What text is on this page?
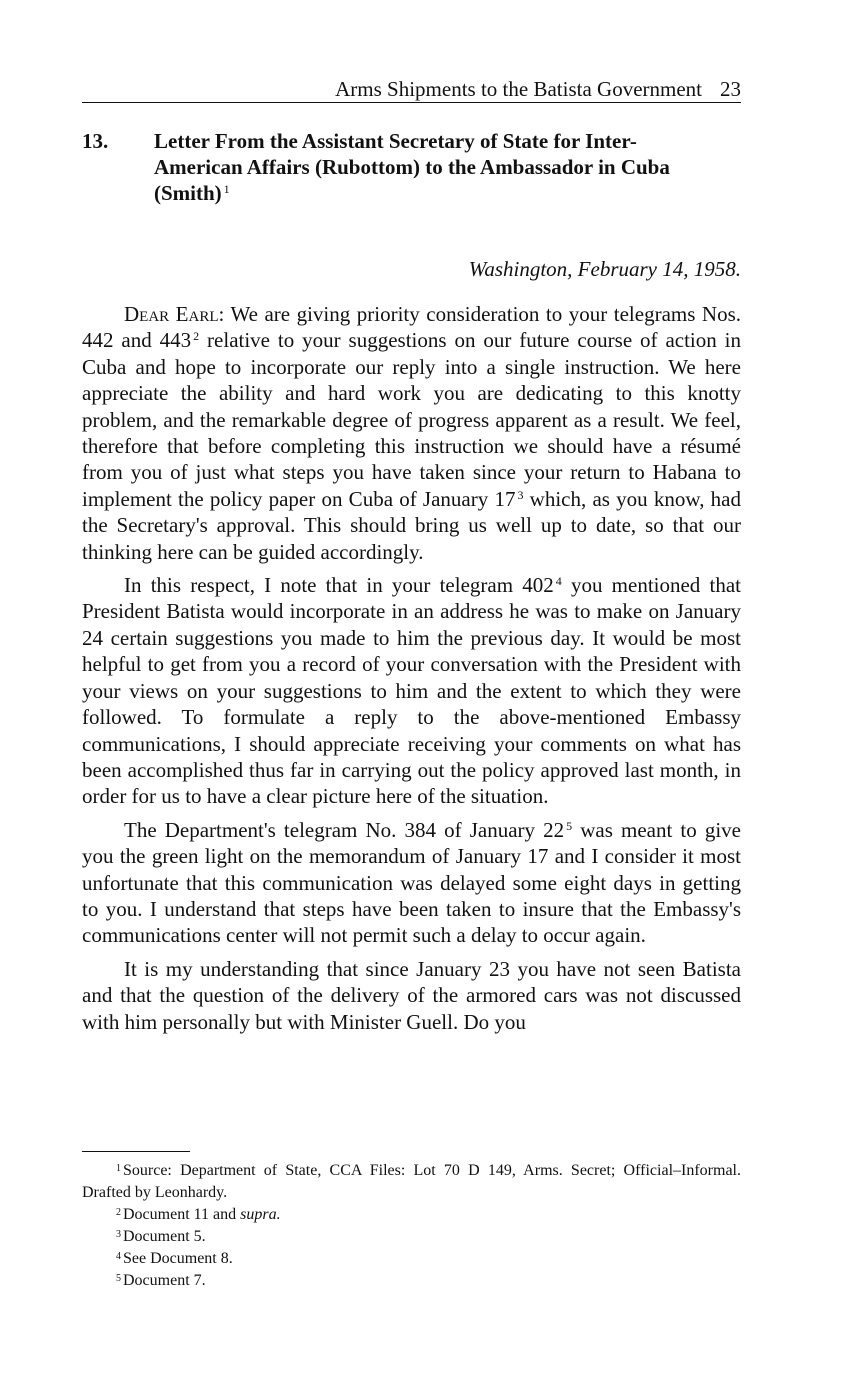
Arms Shipments to the Batista Government 23
13. Letter From the Assistant Secretary of State for Inter-American Affairs (Rubottom) to the Ambassador in Cuba (Smith) $^1$
Washington, February 14, 1958.

Dear Earl: We are giving priority consideration to your telegrams Nos. 442 and 443 $^2$ relative to your suggestions on our future course of action in Cuba and hope to incorporate our reply into a single instruction. We here appreciate the ability and hard work you are dedicating to this knotty problem, and the remarkable degree of progress apparent as a result. We feel, therefore that before completing this instruction we should have a résumé from you of just what steps you have taken since your return to Habana to implement the policy paper on Cuba of January 17 $^3$ which, as you know, had the Secretary's approval. This should bring us well up to date, so that our thinking here can be guided accordingly.

In this respect, I note that in your telegram 402 $^4$ you mentioned that President Batista would incorporate in an address he was to make on January 24 certain suggestions you made to him the previous day. It would be most helpful to get from you a record of your conversation with the President with your views on your suggestions to him and the extent to which they were followed. To formulate a reply to the above-mentioned Embassy communications, I should appreciate receiving your comments on what has been accomplished thus far in carrying out the policy approved last month, in order for us to have a clear picture here of the situation.

The Department's telegram No. 384 of January 22 $^5$ was meant to give you the green light on the memorandum of January 17 and I consider it most unfortunate that this communication was delayed some eight days in getting to you. I understand that steps have been taken to insure that the Embassy's communications center will not permit such a delay to occur again.

It is my understanding that since January 23 you have not seen Batista and that the question of the delivery of the armored cars was not discussed with him personally but with Minister Guell. Do you

$^1$ Source: Department of State, CCA Files: Lot 70 D 149, Arms. Secret; Official–Informal. Drafted by Leonhardy.

$^2$ Document 11 and supra.

$^3$ Document 5.

$^4$ See Document 8.

$^5$ Document 7.
